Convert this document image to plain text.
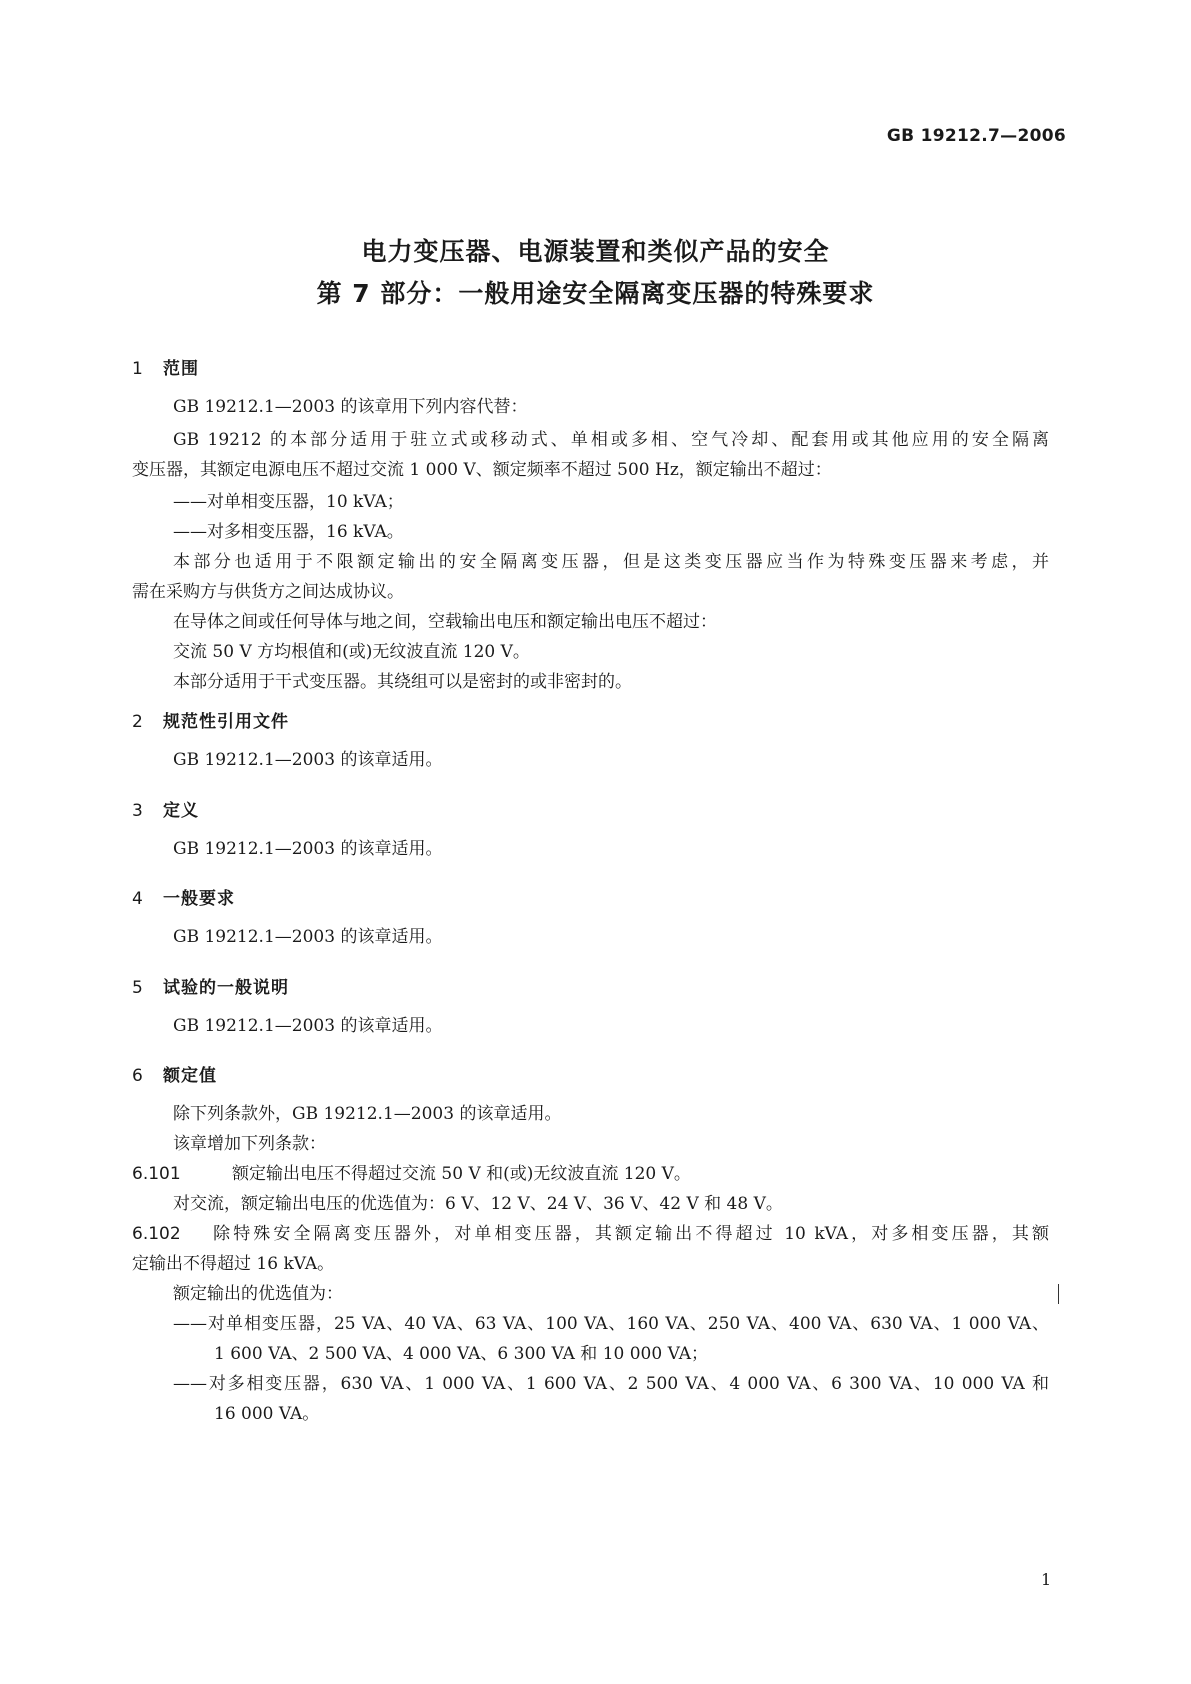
GB 19212.7—2006
电力变压器、电源装置和类似产品的安全
第 7 部分：一般用途安全隔离变压器的特殊要求
1 范围
GB 19212.1—2003 的该章用下列内容代替：
GB 19212 的本部分适用于驻立式或移动式、单相或多相、空气冷却、配套用或其他应用的安全隔离
变压器，其额定电源电压不超过交流 1 000 V、额定频率不超过 500 Hz，额定输出不超过：
——对单相变压器，10 kVA；
——对多相变压器，16 kVA。
本部分也适用于不限额定输出的安全隔离变压器，但是这类变压器应当作为特殊变压器来考虑，并
需在采购方与供货方之间达成协议。
在导体之间或任何导体与地之间，空载输出电压和额定输出电压不超过：
交流 50 V 方均根值和(或)无纹波直流 120 V。
本部分适用于干式变压器。其绕组可以是密封的或非密封的。
2 规范性引用文件
GB 19212.1—2003 的该章适用。
3 定义
GB 19212.1—2003 的该章适用。
4 一般要求
GB 19212.1—2003 的该章适用。
5 试验的一般说明
GB 19212.1—2003 的该章适用。
6 额定值
除下列条款外，GB 19212.1—2003 的该章适用。
该章增加下列条款：
6.101	额定输出电压不得超过交流 50 V 和(或)无纹波直流 120 V。
对交流，额定输出电压的优选值为：6 V、12 V、24 V、36 V、42 V 和 48 V。
6.102 除特殊安全隔离变压器外，对单相变压器，其额定输出不得超过 10 kVA，对多相变压器，其额
定输出不得超过 16 kVA。
额定输出的优选值为：
——对单相变压器，25 VA、40 VA、63 VA、100 VA、160 VA、250 VA、400 VA、630 VA、1 000 VA、
1 600 VA、2 500 VA、4 000 VA、6 300 VA 和 10 000 VA；
——对多相变压器，630 VA、1 000 VA、1 600 VA、2 500 VA、4 000 VA、6 300 VA、10 000 VA 和
16 000 VA。
1
